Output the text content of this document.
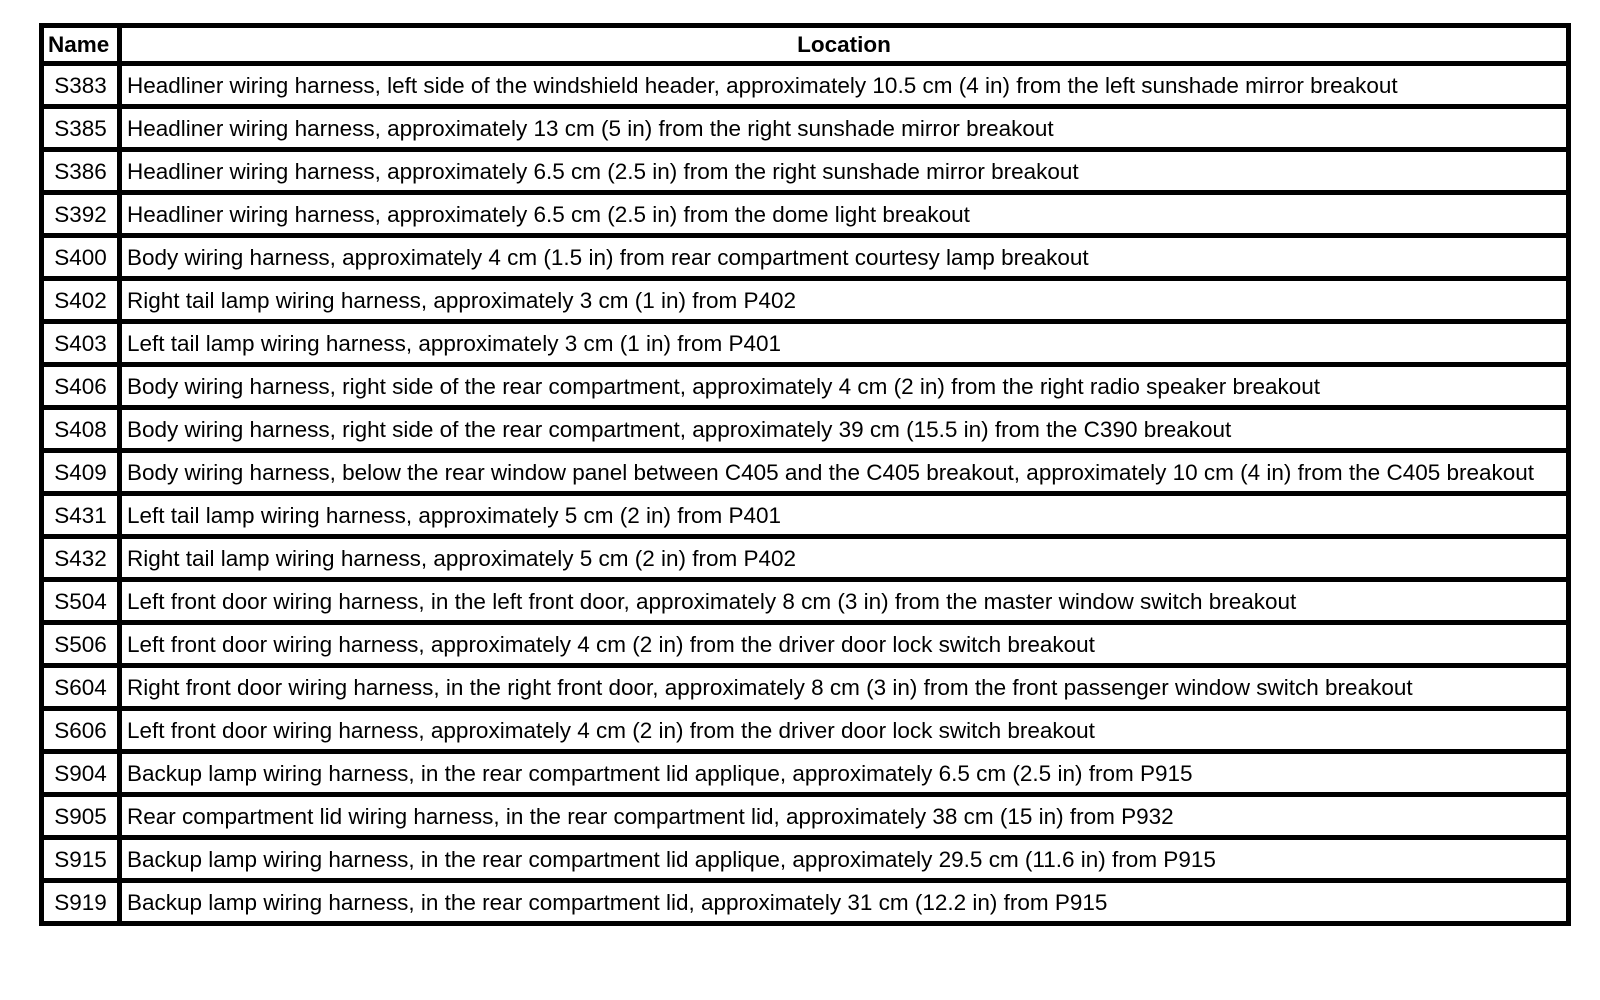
Name	Location
S383	Headliner wiring harness, left side of the windshield header, approximately 10.5 cm (4 in) from the left sunshade mirror breakout
S385	Headliner wiring harness, approximately 13 cm (5 in) from the right sunshade mirror breakout
S386	Headliner wiring harness, approximately 6.5 cm (2.5 in) from the right sunshade mirror breakout
S392	Headliner wiring harness, approximately 6.5 cm (2.5 in) from the dome light breakout
S400	Body wiring harness, approximately 4 cm (1.5 in) from rear compartment courtesy lamp breakout
S402	Right tail lamp wiring harness, approximately 3 cm (1 in) from P402
S403	Left tail lamp wiring harness, approximately 3 cm (1 in) from P401
S406	Body wiring harness, right side of the rear compartment, approximately 4 cm (2 in) from the right radio speaker breakout
S408	Body wiring harness, right side of the rear compartment, approximately 39 cm (15.5 in) from the C390 breakout
S409	Body wiring harness, below the rear window panel between C405 and the C405 breakout, approximately 10 cm (4 in) from the C405 breakout
S431	Left tail lamp wiring harness, approximately 5 cm (2 in) from P401
S432	Right tail lamp wiring harness, approximately 5 cm (2 in) from P402
S504	Left front door wiring harness, in the left front door, approximately 8 cm (3 in) from the master window switch breakout
S506	Left front door wiring harness, approximately 4 cm (2 in) from the driver door lock switch breakout
S604	Right front door wiring harness, in the right front door, approximately 8 cm (3 in) from the front passenger window switch breakout
S606	Left front door wiring harness, approximately 4 cm (2 in) from the driver door lock switch breakout
S904	Backup lamp wiring harness, in the rear compartment lid applique, approximately 6.5 cm (2.5 in) from P915
S905	Rear compartment lid wiring harness, in the rear compartment lid, approximately 38 cm (15 in) from P932
S915	Backup lamp wiring harness, in the rear compartment lid applique, approximately 29.5 cm (11.6 in) from P915
S919	Backup lamp wiring harness, in the rear compartment lid, approximately 31 cm (12.2 in) from P915
